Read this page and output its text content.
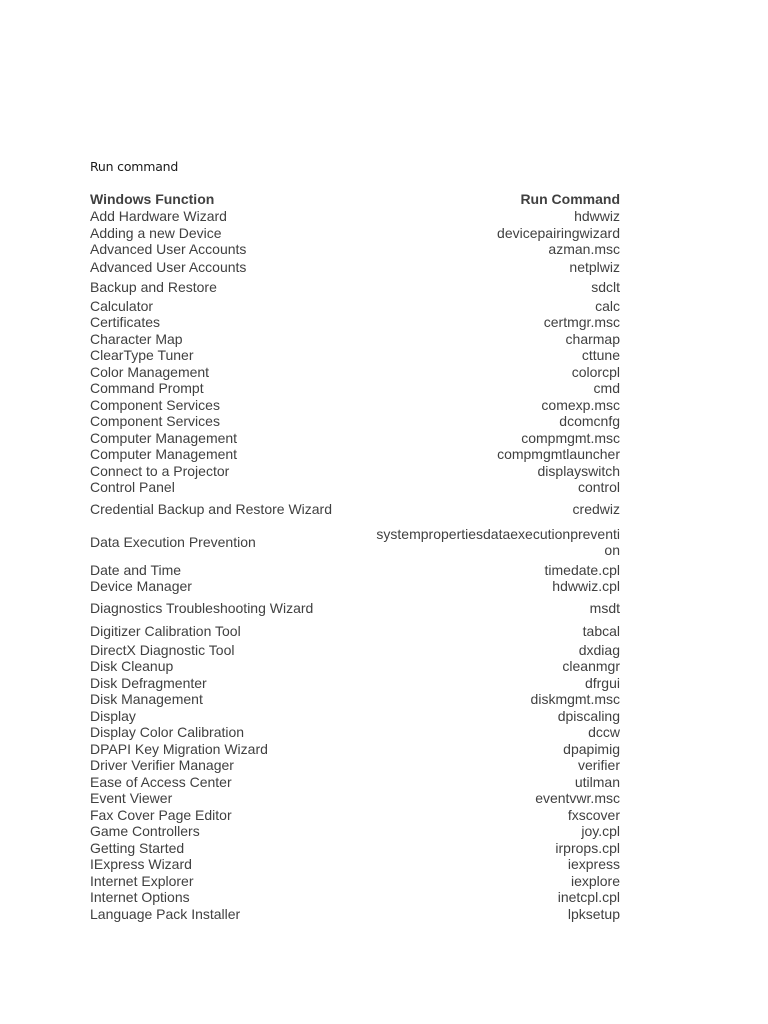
Run command
Windows Function	Run Command
Add Hardware Wizard	hdwwiz
Adding a new Device	devicepairingwizard
Advanced User Accounts	azman.msc
Advanced User Accounts	netplwiz
Backup and Restore	sdclt
Calculator	calc
Certificates	certmgr.msc
Character Map	charmap
ClearType Tuner	cttune
Color Management	colorcpl
Command Prompt	cmd
Component Services	comexp.msc
Component Services	dcomcnfg
Computer Management	compmgmt.msc
Computer Management	compmgmtlauncher
Connect to a Projector	displayswitch
Control Panel	control
Credential Backup and Restore Wizard	credwiz
Data Execution Prevention	systempropertiesdataexecutionprevention
Date and Time	timedate.cpl
Device Manager	hdwwiz.cpl
Diagnostics Troubleshooting Wizard	msdt
Digitizer Calibration Tool	tabcal
DirectX Diagnostic Tool	dxdiag
Disk Cleanup	cleanmgr
Disk Defragmenter	dfrgui
Disk Management	diskmgmt.msc
Display	dpiscaling
Display Color Calibration	dccw
DPAPI Key Migration Wizard	dpapimig
Driver Verifier Manager	verifier
Ease of Access Center	utilman
Event Viewer	eventvwr.msc
Fax Cover Page Editor	fxscover
Game Controllers	joy.cpl
Getting Started	irprops.cpl
IExpress Wizard	iexpress
Internet Explorer	iexplore
Internet Options	inetcpl.cpl
Language Pack Installer	lpksetup
